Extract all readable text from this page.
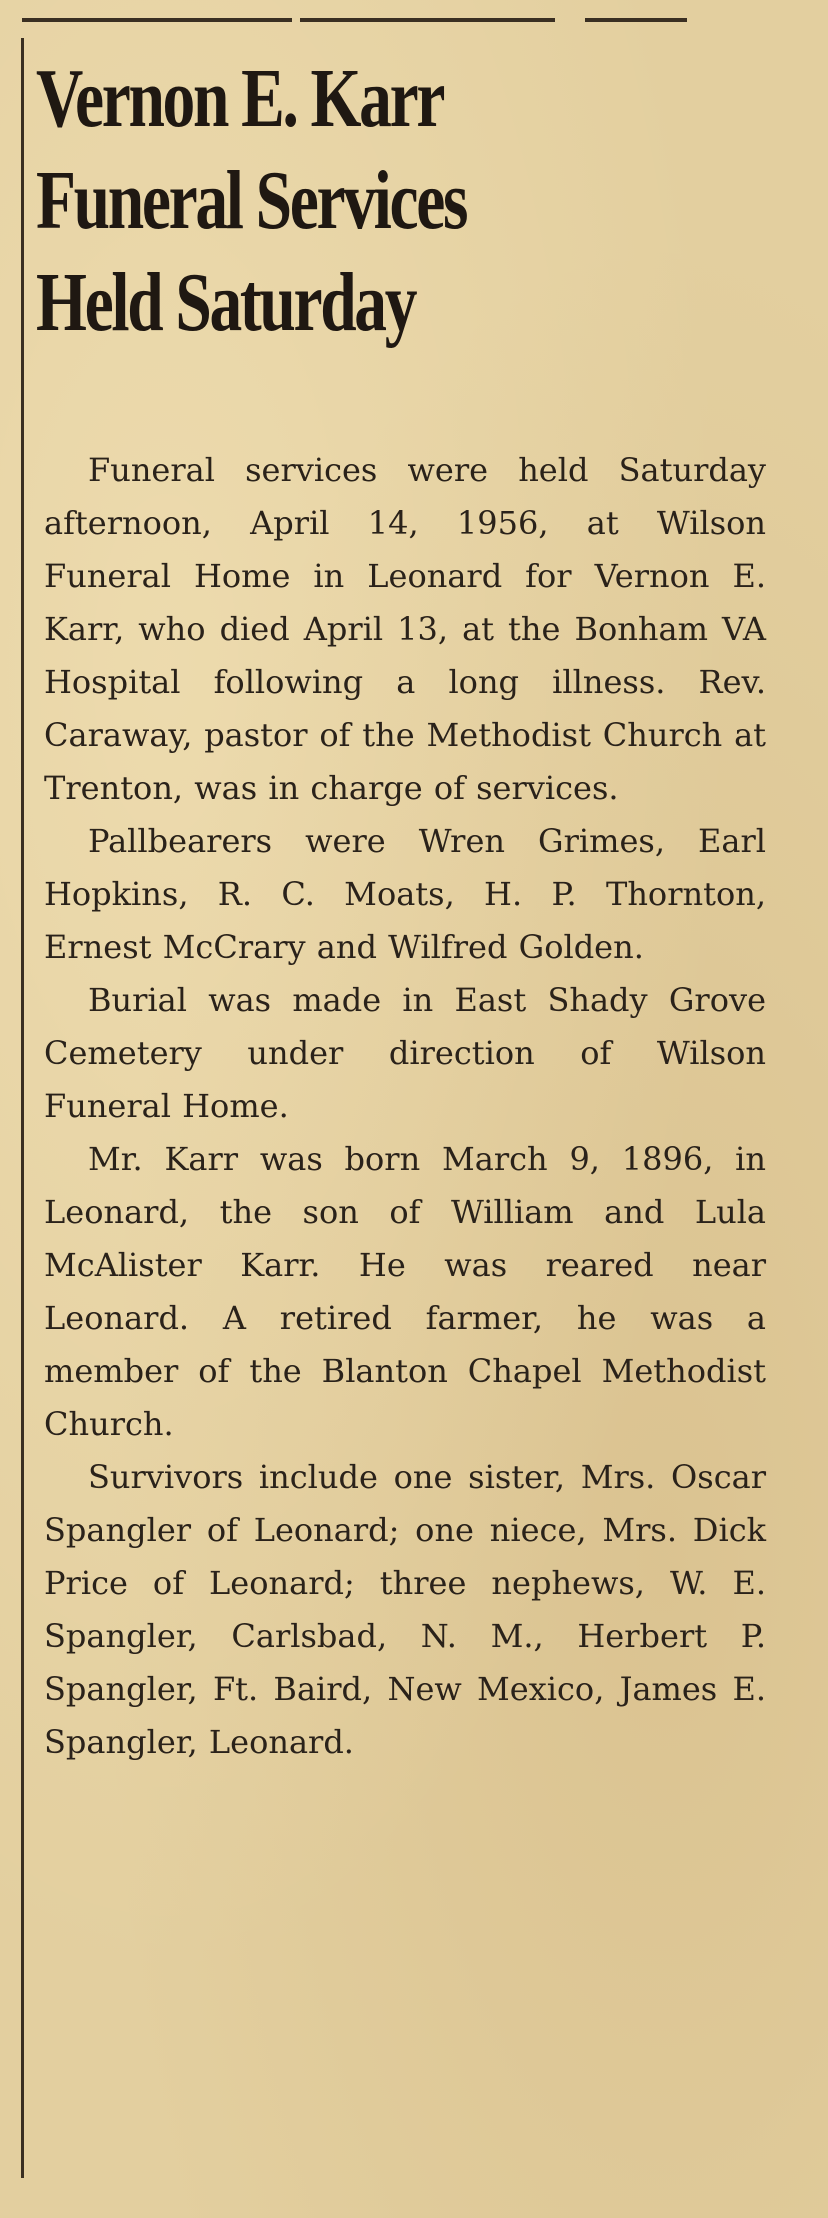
Vernon E. Karr Funeral Services Held Saturday

Funeral services were held Saturday afternoon, April 14, 1956, at Wilson Funeral Home in Leonard for Vernon E. Karr, who died April 13, at the Bonham VA Hospital following a long illness. Rev. Caraway, pastor of the Methodist Church at Trenton, was in charge of services.

Pallbearers were Wren Grimes, Earl Hopkins, R. C. Moats, H. P. Thornton, Ernest McCrary and Wilfred Golden.

Burial was made in East Shady Grove Cemetery under direction of Wilson Funeral Home.

Mr. Karr was born March 9, 1896, in Leonard, the son of William and Lula McAlister Karr. He was reared near Leonard. A retired farmer, he was a member of the Blanton Chapel Methodist Church.

Survivors include one sister, Mrs. Oscar Spangler of Leonard; one niece, Mrs. Dick Price of Leonard; three nephews, W. E. Spangler, Carlsbad, N. M., Herbert P. Spangler, Ft. Baird, New Mexico, James E. Spangler, Leonard.
